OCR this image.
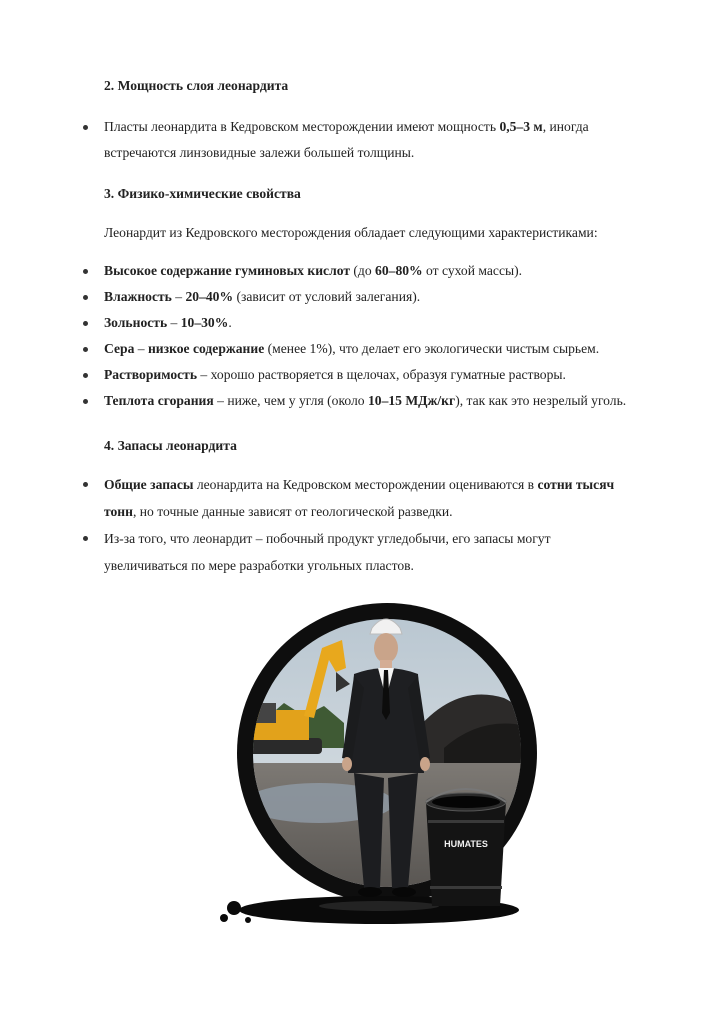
2. Мощность слоя леонардита
Пласты леонардита в Кедровском месторождении имеют мощность 0,5–3 м, иногда
встречаются линзовидные залежи большей толщины.
3. Физико-химические свойства
Леонардит из Кедровского месторождения обладает следующими характеристиками:
Высокое содержание гуминовых кислот (до 60–80% от сухой массы).
Влажность – 20–40% (зависит от условий залегания).
Зольность – 10–30%.
Сера – низкое содержание (менее 1%), что делает его экологически чистым сырьем.
Растворимость – хорошо растворяется в щелочах, образуя гуматные растворы.
Теплота сгорания – ниже, чем у угля (около 10–15 МДж/кг), так как это незрелый уголь.
4. Запасы леонардита
Общие запасы леонардита на Кедровском месторождении оцениваются в сотни тысяч
тонн, но точные данные зависят от геологической разведки.
Из-за того, что леонардит – побочный продукт угледобычи, его запасы могут
увеличиваться по мере разработки угольных пластов.
HUMATES
